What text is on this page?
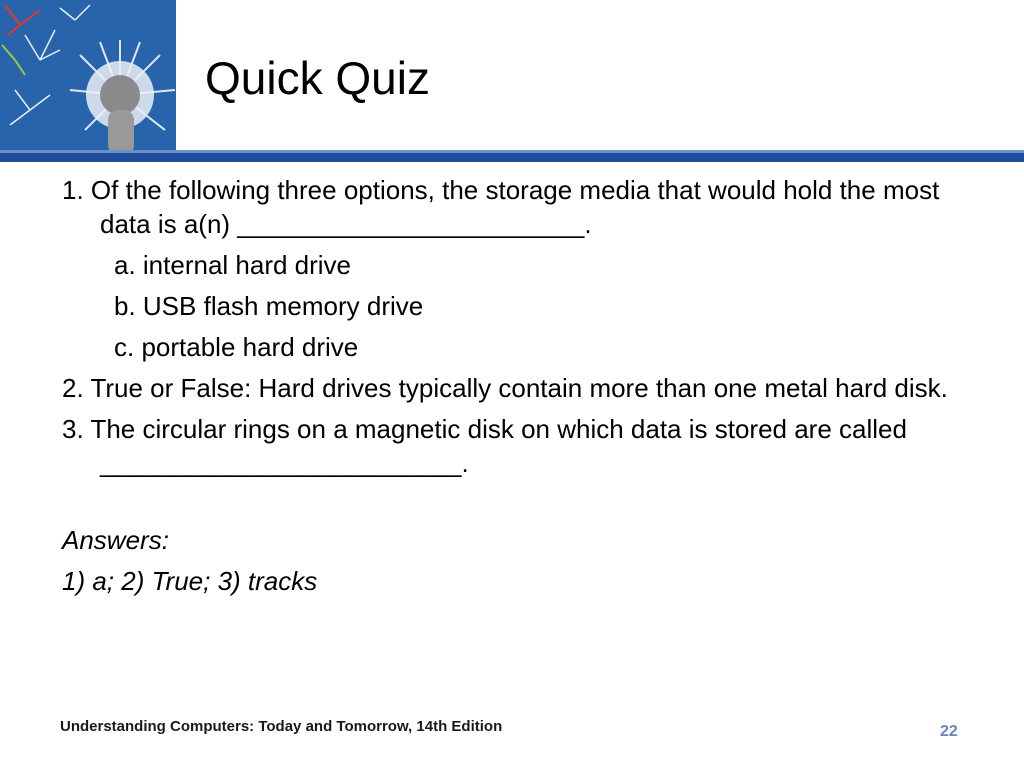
Quick Quiz

1. Of the following three options, the storage media that would hold the most data is a(n) ________________________.

a. internal hard drive

b. USB flash memory drive

c. portable hard drive

2. True or False: Hard drives typically contain more than one metal hard disk.

3. The circular rings on a magnetic disk on which data is stored are called _________________________.

Answers:
1) a; 2) True; 3) tracks
Understanding Computers: Today and Tomorrow, 14th Edition	22
